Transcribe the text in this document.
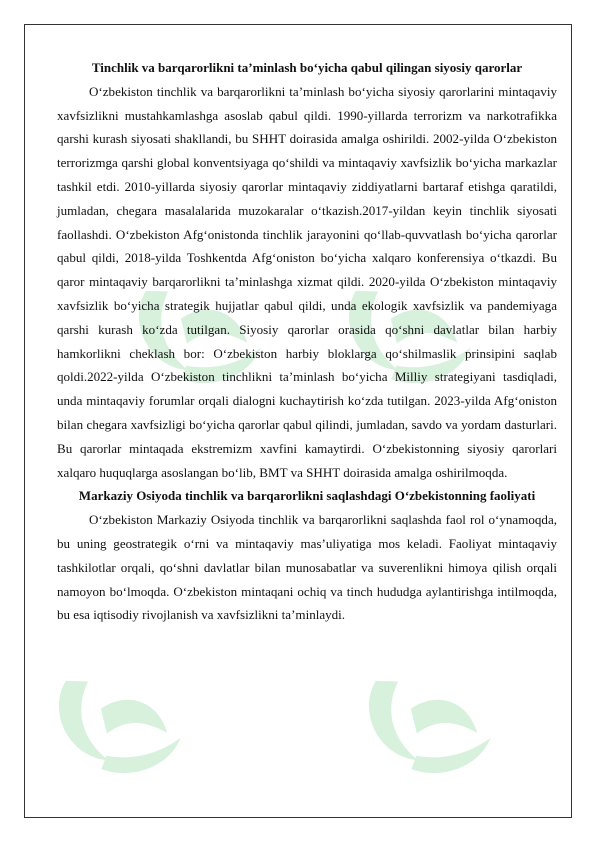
Tinchlik va barqarorlikni ta’minlash bo‘yicha qabul qilingan siyosiy qarorlar

O‘zbekiston tinchlik va barqarorlikni ta’minlash bo‘yicha siyosiy qarorlarini mintaqaviy xavfsizlikni mustahkamlashga asoslab qabul qildi. 1990-yillarda terrorizm va narkotrafikka qarshi kurash siyosati shakllandi, bu SHHT doirasida amalga oshirildi. 2002-yilda O‘zbekiston terrorizmga qarshi global konventsiyaga qo‘shildi va mintaqaviy xavfsizlik bo‘yicha markazlar tashkil etdi. 2010-yillarda siyosiy qarorlar mintaqaviy ziddiyatlarni bartaraf etishga qaratildi, jumladan, chegara masalalarida muzokaralar o‘tkazish.2017-yildan keyin tinchlik siyosati faollashdi. O‘zbekiston Afg‘onistonda tinchlik jarayonini qo‘llab-quvvatlash bo‘yicha qarorlar qabul qildi, 2018-yilda Toshkentda Afg‘oniston bo‘yicha xalqaro konferensiya o‘tkazdi. Bu qaror mintaqaviy barqarorlikni ta’minlashga xizmat qildi. 2020-yilda O‘zbekiston mintaqaviy xavfsizlik bo‘yicha strategik hujjatlar qabul qildi, unda ekologik xavfsizlik va pandemiyaga qarshi kurash ko‘zda tutilgan. Siyosiy qarorlar orasida qo‘shni davlatlar bilan harbiy hamkorlikni cheklash bor: O‘zbekiston harbiy bloklarga qo‘shilmaslik prinsipini saqlab qoldi.2022-yilda O‘zbekiston tinchlikni ta’minlash bo‘yicha Milliy strategiyani tasdiqladi, unda mintaqaviy forumlar orqali dialogni kuchaytirish ko‘zda tutilgan. 2023-yilda Afg‘oniston bilan chegara xavfsizligi bo‘yicha qarorlar qabul qilindi, jumladan, savdo va yordam dasturlari. Bu qarorlar mintaqada ekstremizm xavfini kamaytirdi. O‘zbekistonning siyosiy qarorlari xalqaro huquqlarga asoslangan bo‘lib, BMT va SHHT doirasida amalga oshirilmoqda.

Markaziy Osiyoda tinchlik va barqarorlikni saqlashdagi O‘zbekistonning faoliyati

O‘zbekiston Markaziy Osiyoda tinchlik va barqarorlikni saqlashda faol rol o‘ynamoqda, bu uning geostrategik o‘rni va mintaqaviy mas’uliyatiga mos keladi. Faoliyat mintaqaviy tashkilotlar orqali, qo‘shni davlatlar bilan munosabatlar va suverenlikni himoya qilish orqali namoyon bo‘lmoqda. O‘zbekiston mintaqani ochiq va tinch hududga aylantirishga intilmoqda, bu esa iqtisodiy rivojlanish va xavfsizlikni ta’minlaydi.
